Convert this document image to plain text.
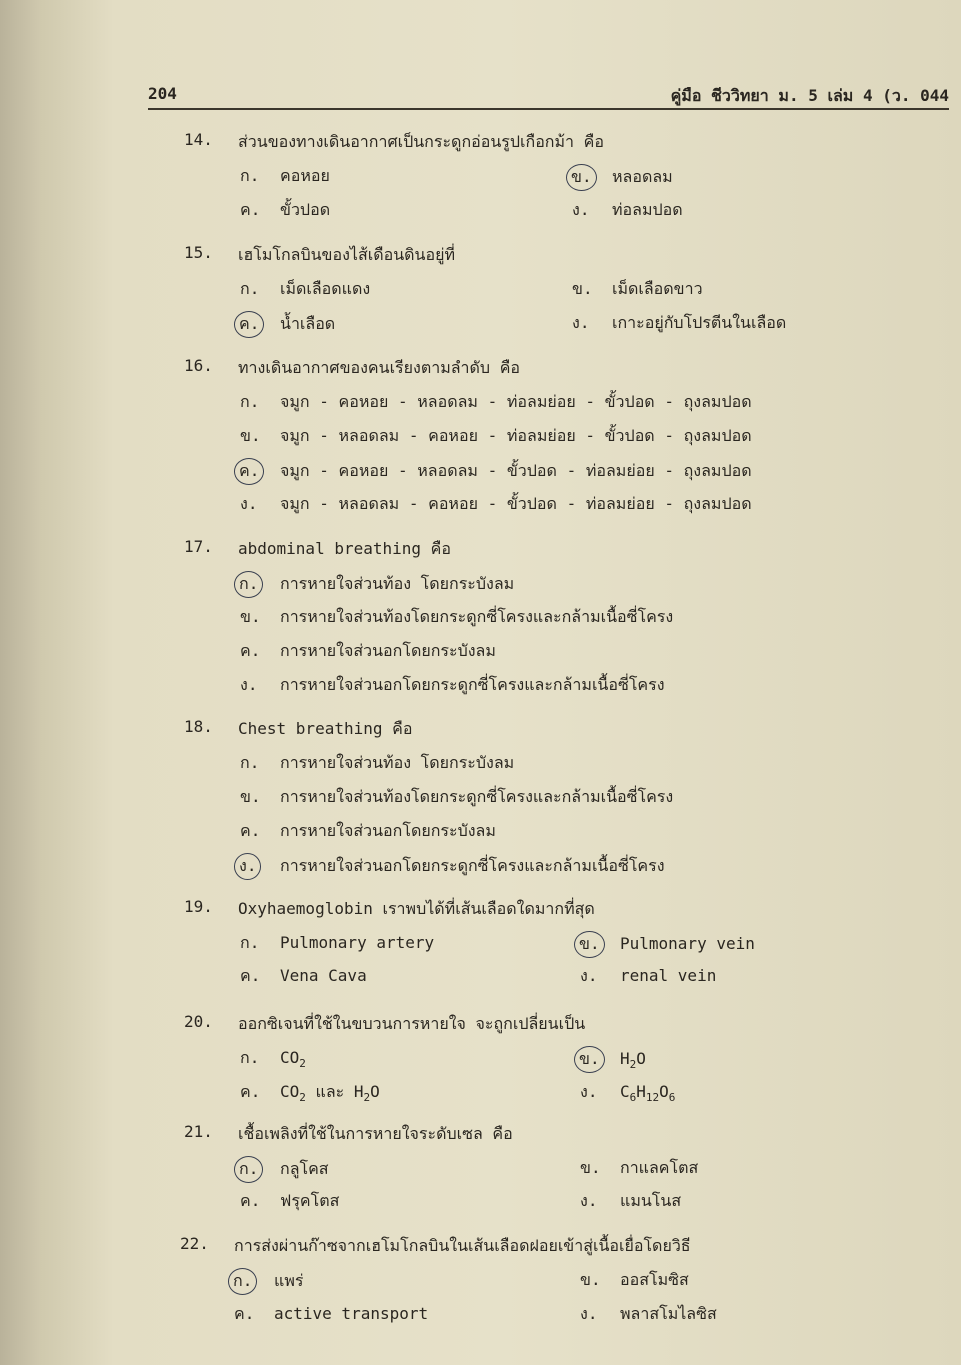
204	คู่มือ ชีววิทยา ม. 5 เล่ม 4 (ว. 044
14. ส่วนของทางเดินอากาศเป็นกระดูกอ่อนรูปเกือกม้า คือ
ก. คอหอย	ข. หลอดลม
ค. ขั้วปอด	ง. ท่อลมปอด
15. เฮโมโกลบินของไส้เดือนดินอยู่ที่
ก. เม็ดเลือดแดง	ข. เม็ดเลือดขาว
ค. น้ำเลือด	ง. เกาะอยู่กับโปรตีนในเลือด
16. ทางเดินอากาศของคนเรียงตามลำดับ คือ
ก. จมูก - คอหอย - หลอดลม - ท่อลมย่อย - ขั้วปอด - ถุงลมปอด
ข. จมูก - หลอดลม - คอหอย - ท่อลมย่อย - ขั้วปอด - ถุงลมปอด
ค. จมูก - คอหอย - หลอดลม - ขั้วปอด - ท่อลมย่อย - ถุงลมปอด
ง. จมูก - หลอดลม - คอหอย - ขั้วปอด - ท่อลมย่อย - ถุงลมปอด
17. abdominal breathing คือ
ก. การหายใจส่วนท้อง โดยกระบังลม
ข. การหายใจส่วนท้องโดยกระดูกซี่โครงและกล้ามเนื้อซี่โครง
ค. การหายใจส่วนอกโดยกระบังลม
ง. การหายใจส่วนอกโดยกระดูกซี่โครงและกล้ามเนื้อซี่โครง
18. Chest breathing คือ
ก. การหายใจส่วนท้อง โดยกระบังลม
ข. การหายใจส่วนท้องโดยกระดูกซี่โครงและกล้ามเนื้อซี่โครง
ค. การหายใจส่วนอกโดยกระบังลม
ง. การหายใจส่วนอกโดยกระดูกซี่โครงและกล้ามเนื้อซี่โครง
19. Oxyhaemoglobin เราพบได้ที่เส้นเลือดใดมากที่สุด
ก. Pulmonary artery	ข. Pulmonary vein
ค. Vena Cava	ง. renal vein
20. ออกซิเจนที่ใช้ในขบวนการหายใจ จะถูกเปลี่ยนเป็น
ก. $CO_2$	ข. $H_2O$
ค. $CO_2$ และ $H_2O$	ง. $C_6H_{12}O_6$
21. เชื้อเพลิงที่ใช้ในการหายใจระดับเซล คือ
ก. กลูโคส	ข. กาแลคโตส
ค. ฟรุคโตส	ง. แมนโนส
22. การส่งผ่านก๊าซจากเฮโมโกลบินในเส้นเลือดฝอยเข้าสู่เนื้อเยื่อโดยวิธี
ก. แพร่	ข. ออสโมซิส
ค. active transport	ง. พลาสโมไลซิส
